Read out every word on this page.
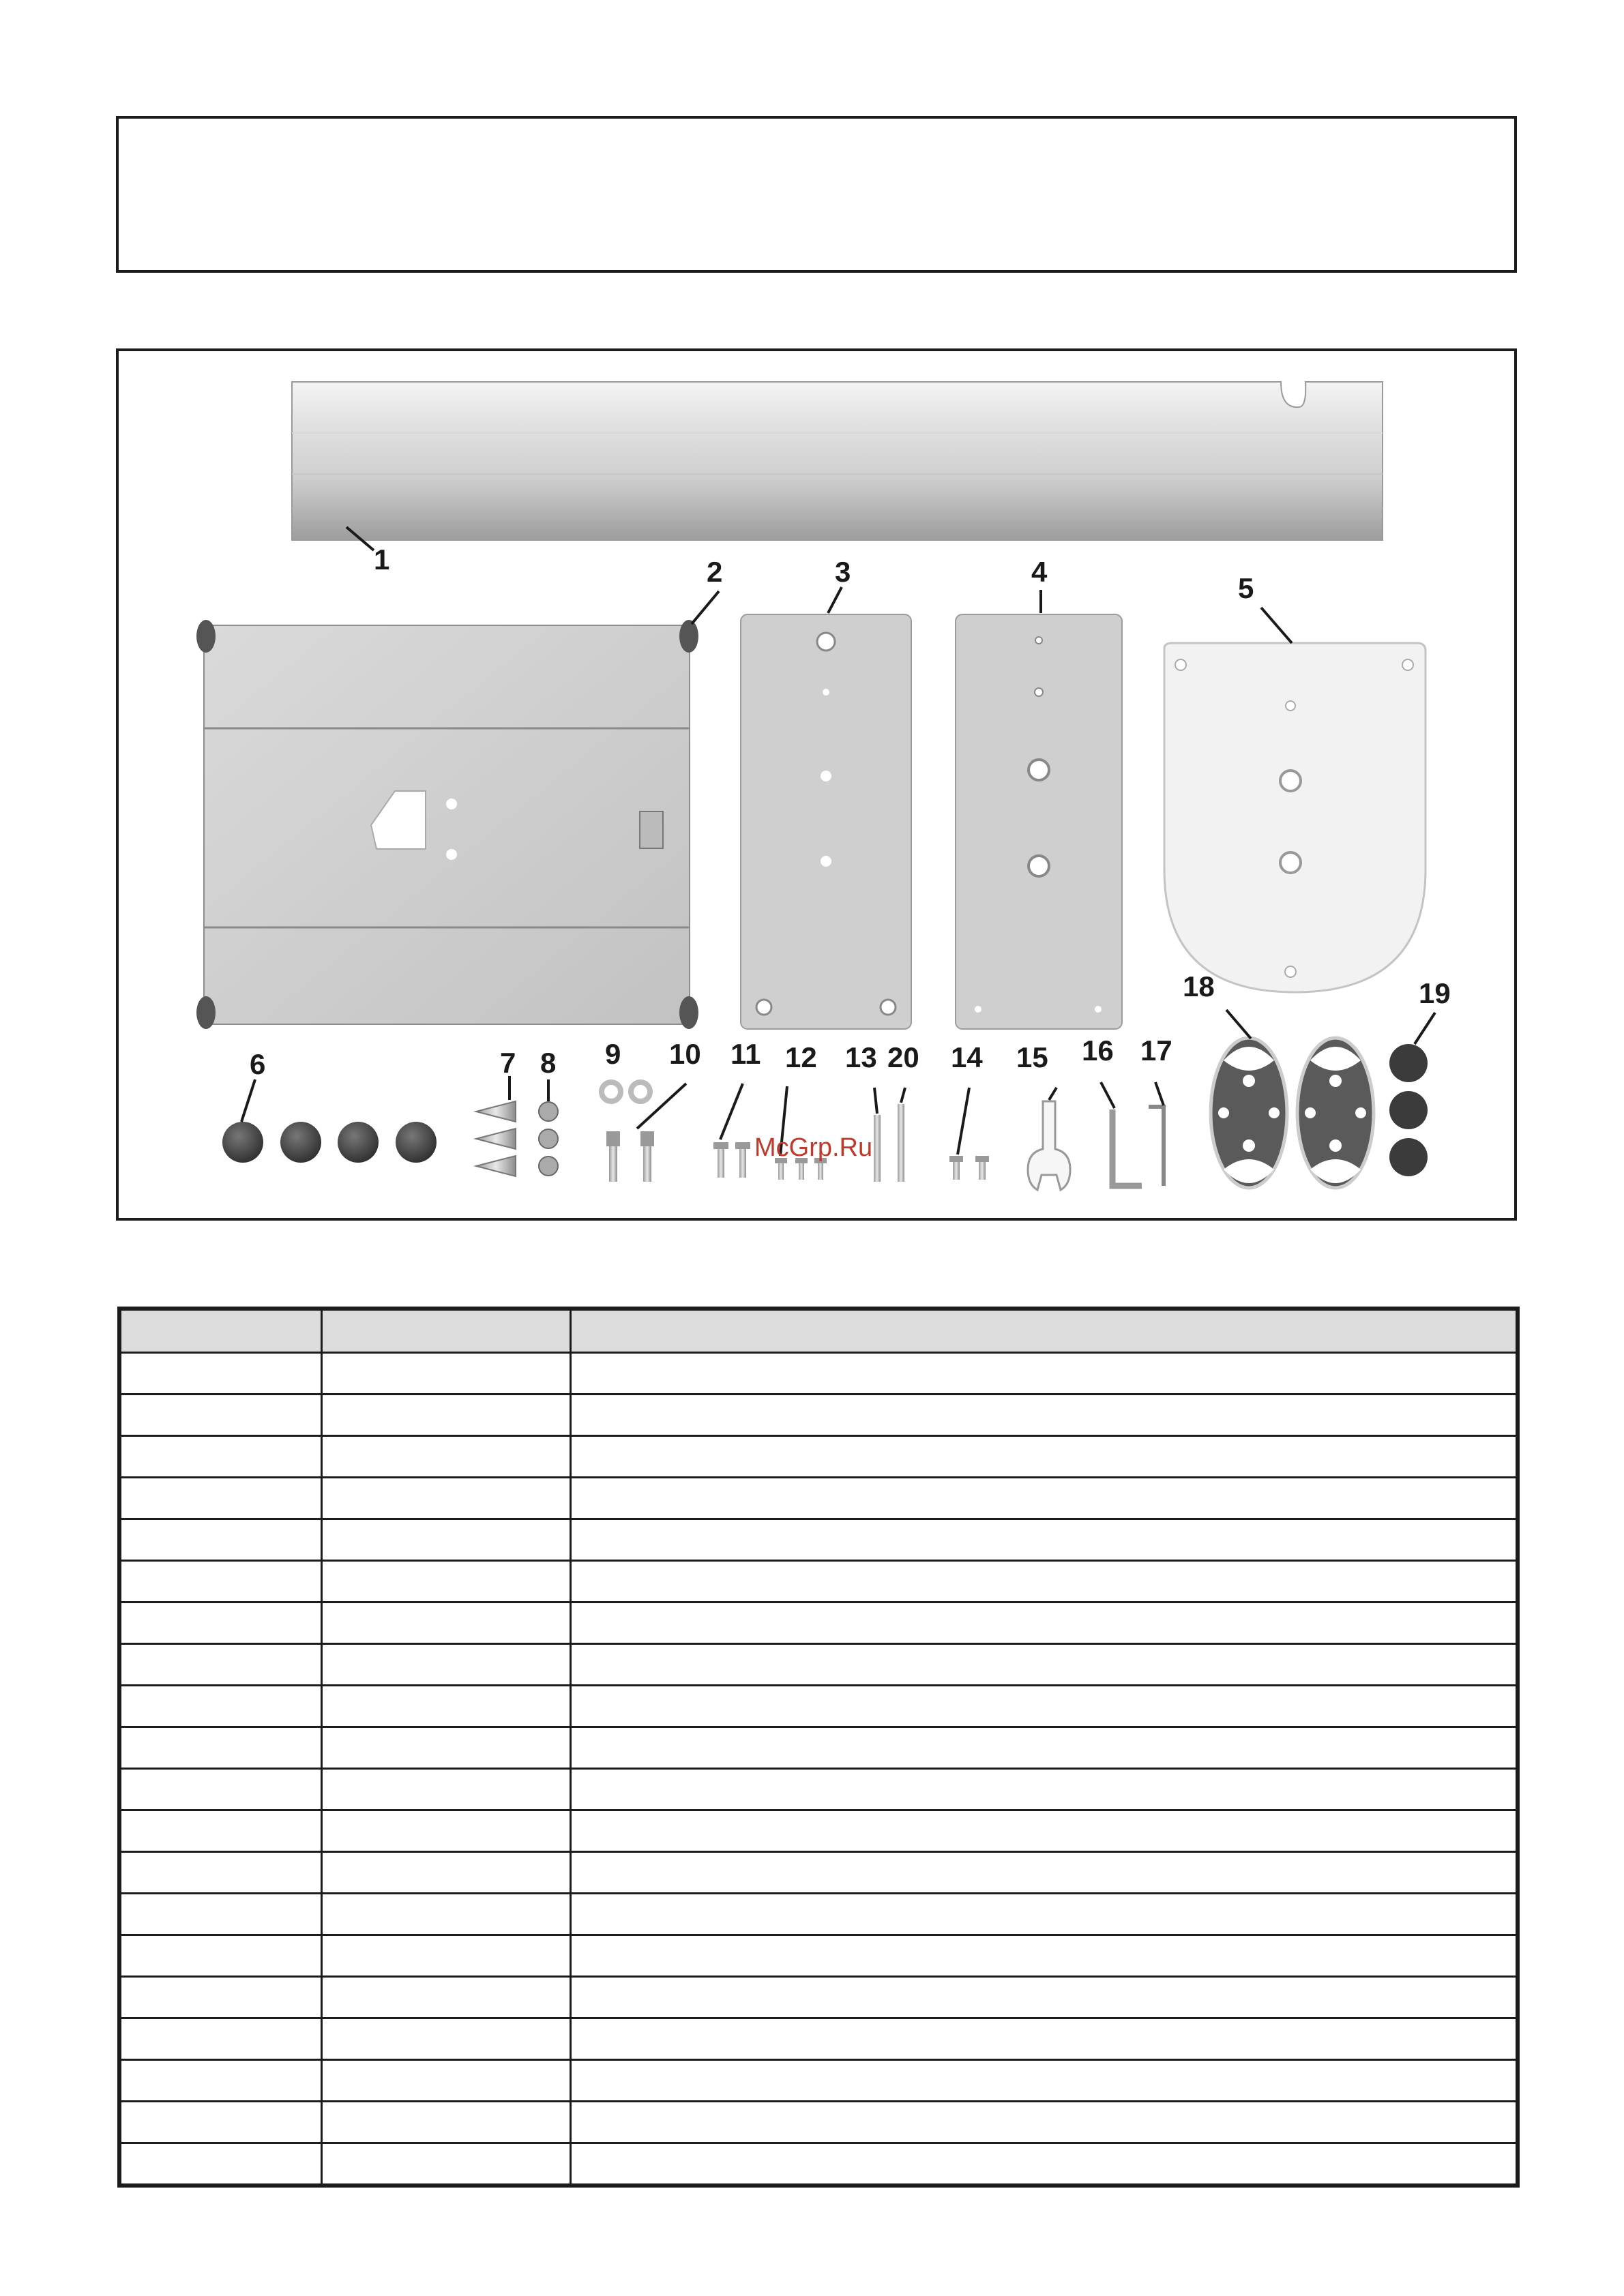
1	2	3	4
5
6	7 8 9 10 11 12 13 20 14 15 16 17
18	19
McGrp.Ru
